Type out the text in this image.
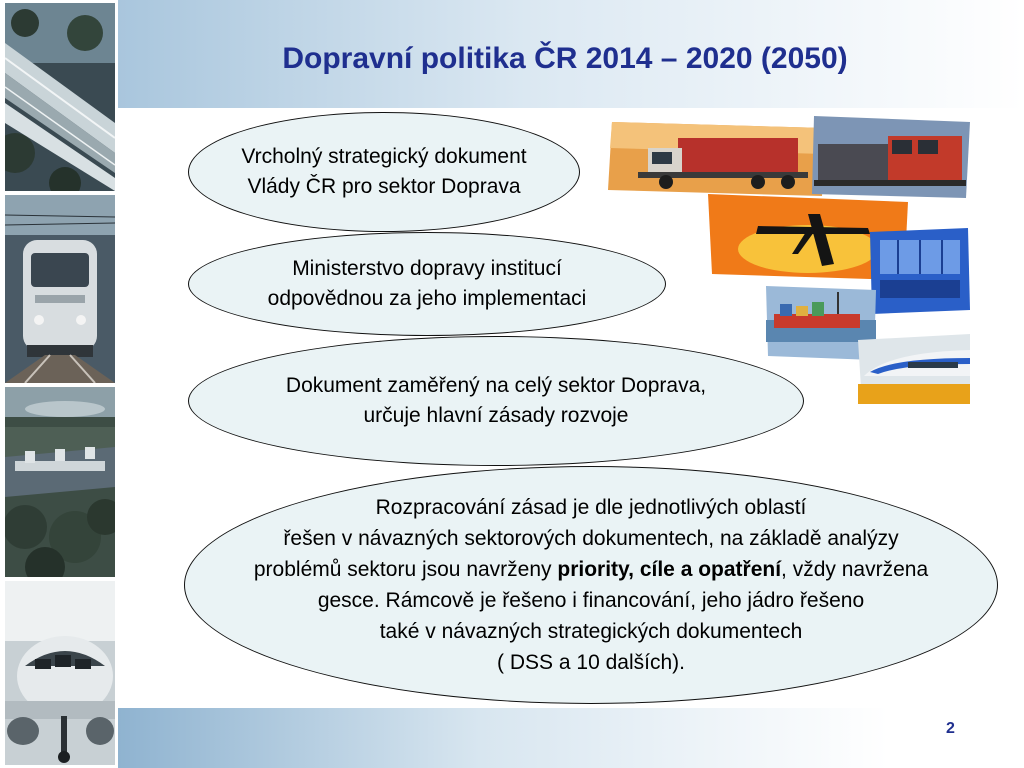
Dopravní politika ČR 2014 – 2020 (2050)
Vrcholný strategický dokument
Vlády ČR pro sektor Doprava
Ministerstvo dopravy institucí
odpovědnou za jeho implementaci
Dokument zaměřený na celý sektor Doprava,
určuje hlavní zásady rozvoje
Rozpracování zásad je dle jednotlivých oblastí
řešen v návazných sektorových dokumentech, na základě analýzy
problémů sektoru jsou navrženy priority, cíle a opatření, vždy navržena
gesce. Rámcově je řešeno i financování, jeho jádro řešeno
také v návazných strategických dokumentech
( DSS a 10 dalších).
2
